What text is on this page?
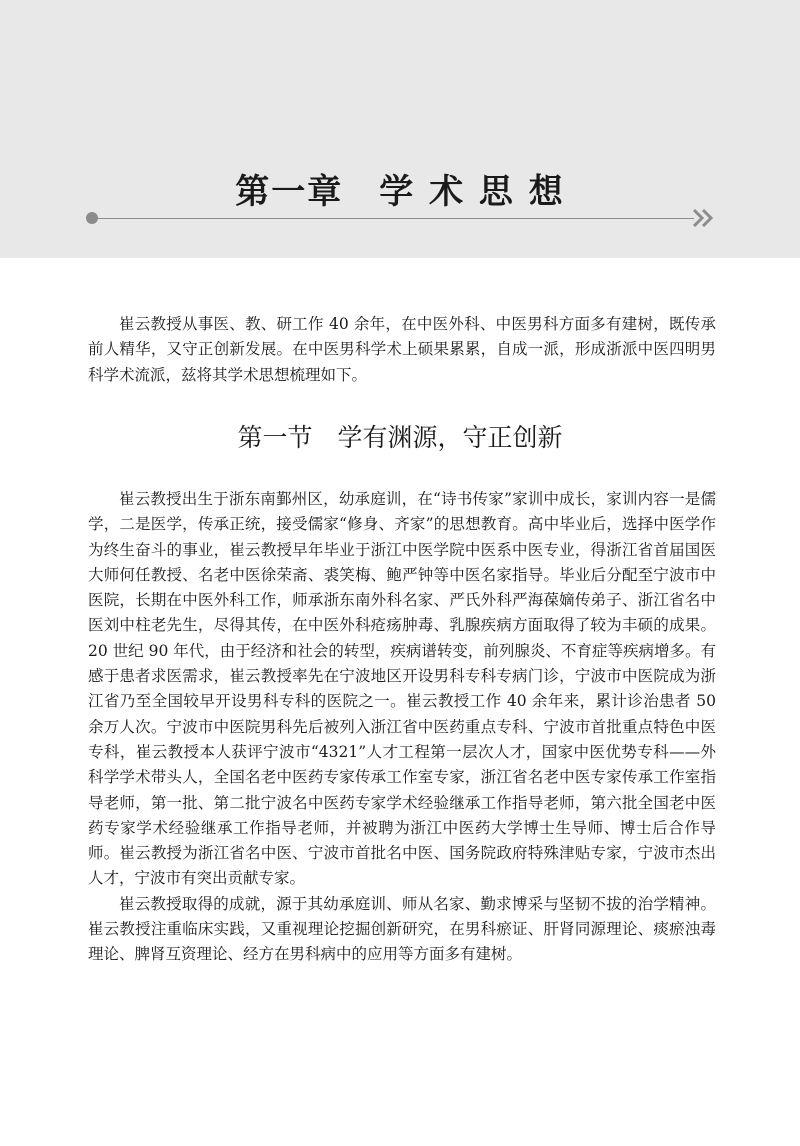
第一章　学 术 思 想

崔云教授从事医、教、研工作 40 余年，在中医外科、中医男科方面多有建树，既传承前人精华，又守正创新发展。在中医男科学术上硕果累累，自成一派，形成浙派中医四明男科学术流派，兹将其学术思想梳理如下。

第一节　学有渊源，守正创新

崔云教授出生于浙东南鄞州区，幼承庭训，在“诗书传家”家训中成长，家训内容一是儒学，二是医学，传承正统，接受儒家“修身、齐家”的思想教育。高中毕业后，选择中医学作为终生奋斗的事业，崔云教授早年毕业于浙江中医学院中医系中医专业，得浙江省首届国医大师何任教授、名老中医徐荣斋、裘笑梅、鲍严钟等中医名家指导。毕业后分配至宁波市中医院，长期在中医外科工作，师承浙东南外科名家、严氏外科严海葆嫡传弟子、浙江省名中医刘中柱老先生，尽得其传，在中医外科疮疡肿毒、乳腺疾病方面取得了较为丰硕的成果。20 世纪 90 年代，由于经济和社会的转型，疾病谱转变，前列腺炎、不育症等疾病增多。有感于患者求医需求，崔云教授率先在宁波地区开设男科专科专病门诊，宁波市中医院成为浙江省乃至全国较早开设男科专科的医院之一。崔云教授工作 40 余年来，累计诊治患者 50 余万人次。宁波市中医院男科先后被列入浙江省中医药重点专科、宁波市首批重点特色中医专科，崔云教授本人获评宁波市“4321”人才工程第一层次人才，国家中医优势专科——外科学学术带头人，全国名老中医药专家传承工作室专家，浙江省名老中医专家传承工作室指导老师，第一批、第二批宁波名中医药专家学术经验继承工作指导老师，第六批全国老中医药专家学术经验继承工作指导老师，并被聘为浙江中医药大学博士生导师、博士后合作导师。崔云教授为浙江省名中医、宁波市首批名中医、国务院政府特殊津贴专家，宁波市杰出人才，宁波市有突出贡献专家。

崔云教授取得的成就，源于其幼承庭训、师从名家、勤求博采与坚韧不拔的治学精神。崔云教授注重临床实践，又重视理论挖掘创新研究，在男科瘀证、肝肾同源理论、痰瘀浊毒理论、脾肾互资理论、经方在男科病中的应用等方面多有建树。
